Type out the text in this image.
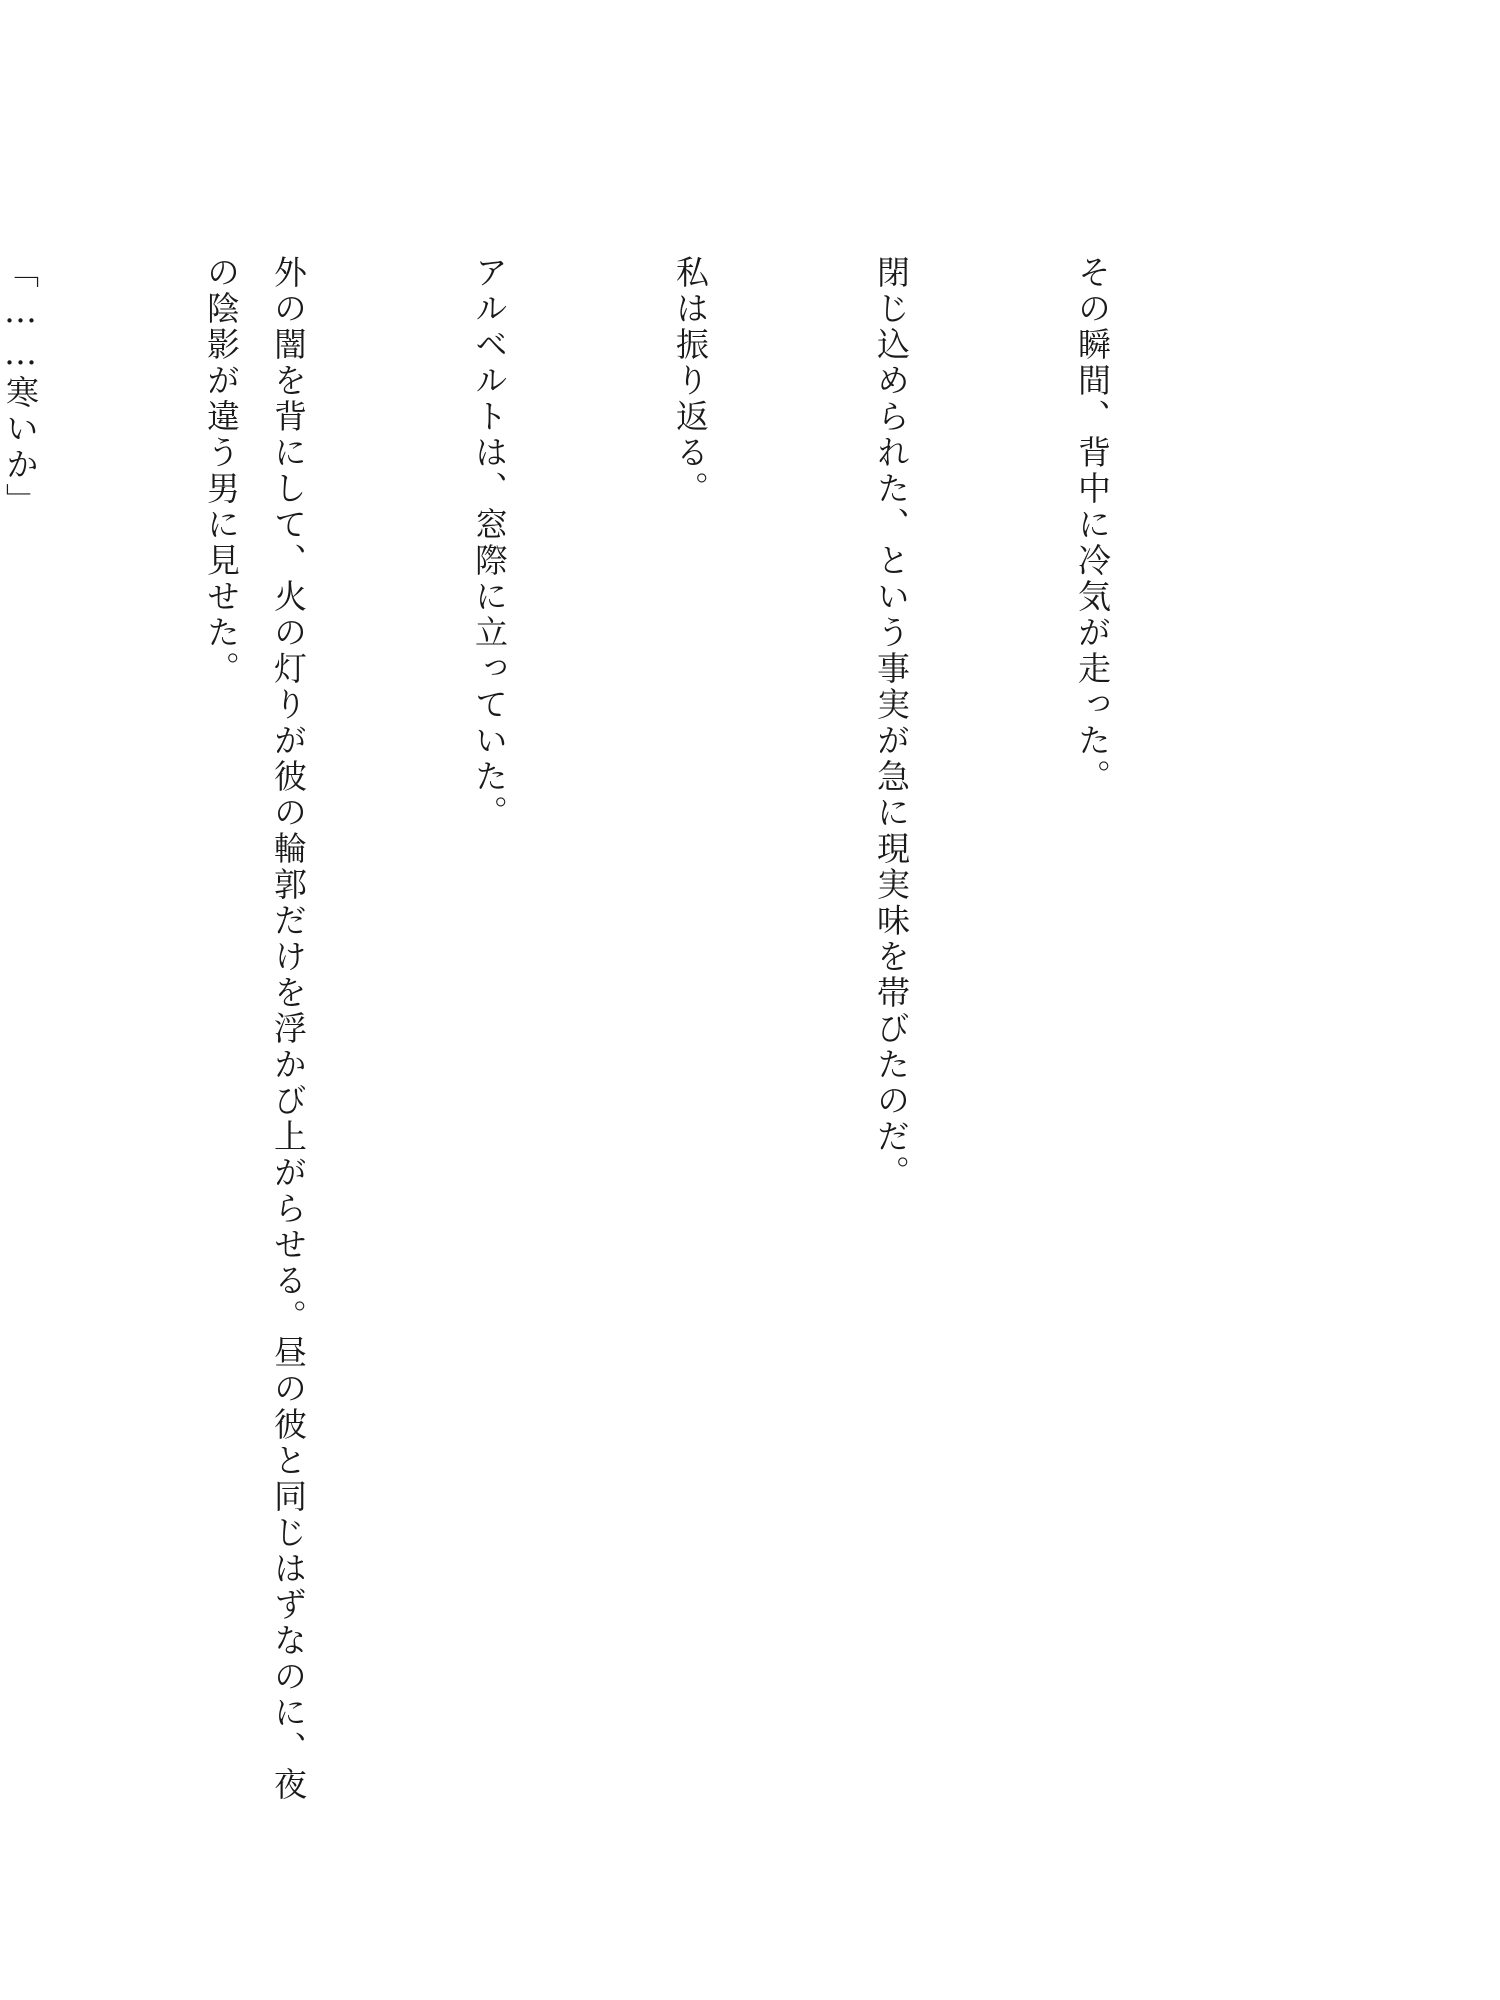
その瞬間、背中に冷気が走った。

閉じ込められた、という事実が急に現実味を帯びたのだ。

私は振り返る。

アルベルトは、窓際に立っていた。

外の闇を背にして、火の灯りが彼の輪郭だけを浮かび上がらせる。昼の彼と同じはずなのに、夜の陰影が違う男に見せた。

「……寒いか」
